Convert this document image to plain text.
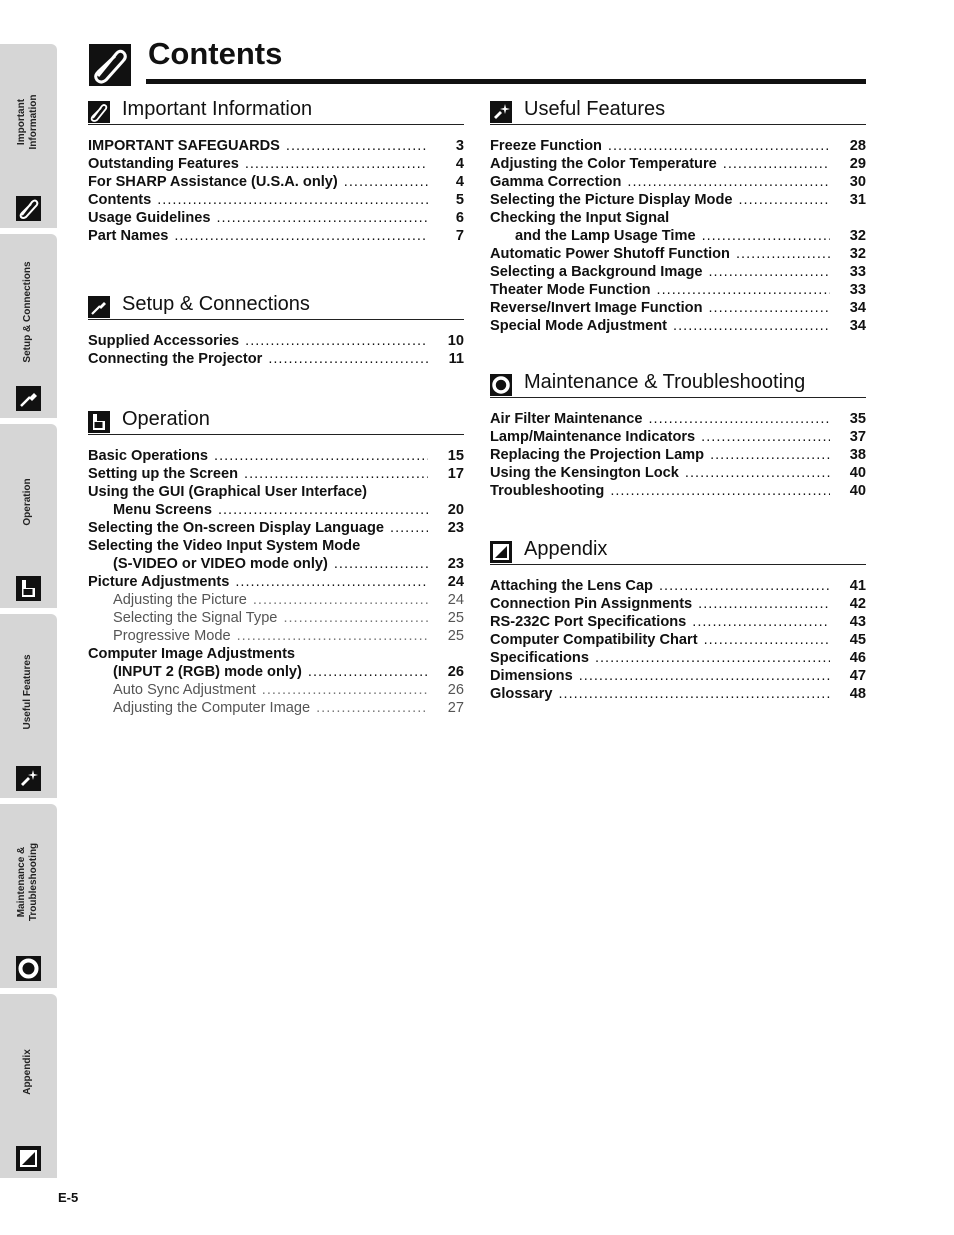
Important
Information
Setup & Connections
Operation
Useful Features
Maintenance &
Troubleshooting
Appendix
Contents
Important Information
IMPORTANT SAFEGUARDS .....	3
Outstanding Features .....	4
For SHARP Assistance (U.S.A. only) .....	4
Contents .....	5
Usage Guidelines .....	6
Part Names .....	7
Setup & Connections
Supplied Accessories .....	10
Connecting the Projector .....	11
Operation
Basic Operations .....	15
Setting up the Screen .....	17
Using the GUI (Graphical User Interface)
Menu Screens .....	20
Selecting the On-screen Display Language .....	23
Selecting the Video Input System Mode
(S-VIDEO or VIDEO mode only) .....	23
Picture Adjustments .....	24
Adjusting the Picture .....	24
Selecting the Signal Type .....	25
Progressive Mode .....	25
Computer Image Adjustments
(INPUT 2 (RGB) mode only) .....	26
Auto Sync Adjustment .....	26
Adjusting the Computer Image .....	27
Useful Features
Freeze Function .....	28
Adjusting the Color Temperature .....	29
Gamma Correction .....	30
Selecting the Picture Display Mode .....	31
Checking the Input Signal
and the Lamp Usage Time .....	32
Automatic Power Shutoff Function .....	32
Selecting a Background Image .....	33
Theater Mode Function .....	33
Reverse/Invert Image Function .....	34
Special Mode Adjustment .....	34
Maintenance & Troubleshooting
Air Filter Maintenance .....	35
Lamp/Maintenance Indicators .....	37
Replacing the Projection Lamp .....	38
Using the Kensington Lock .....	40
Troubleshooting .....	40
Appendix
Attaching the Lens Cap .....	41
Connection Pin Assignments .....	42
RS-232C Port Specifications .....	43
Computer Compatibility Chart .....	45
Specifications .....	46
Dimensions .....	47
Glossary .....	48
E-5
